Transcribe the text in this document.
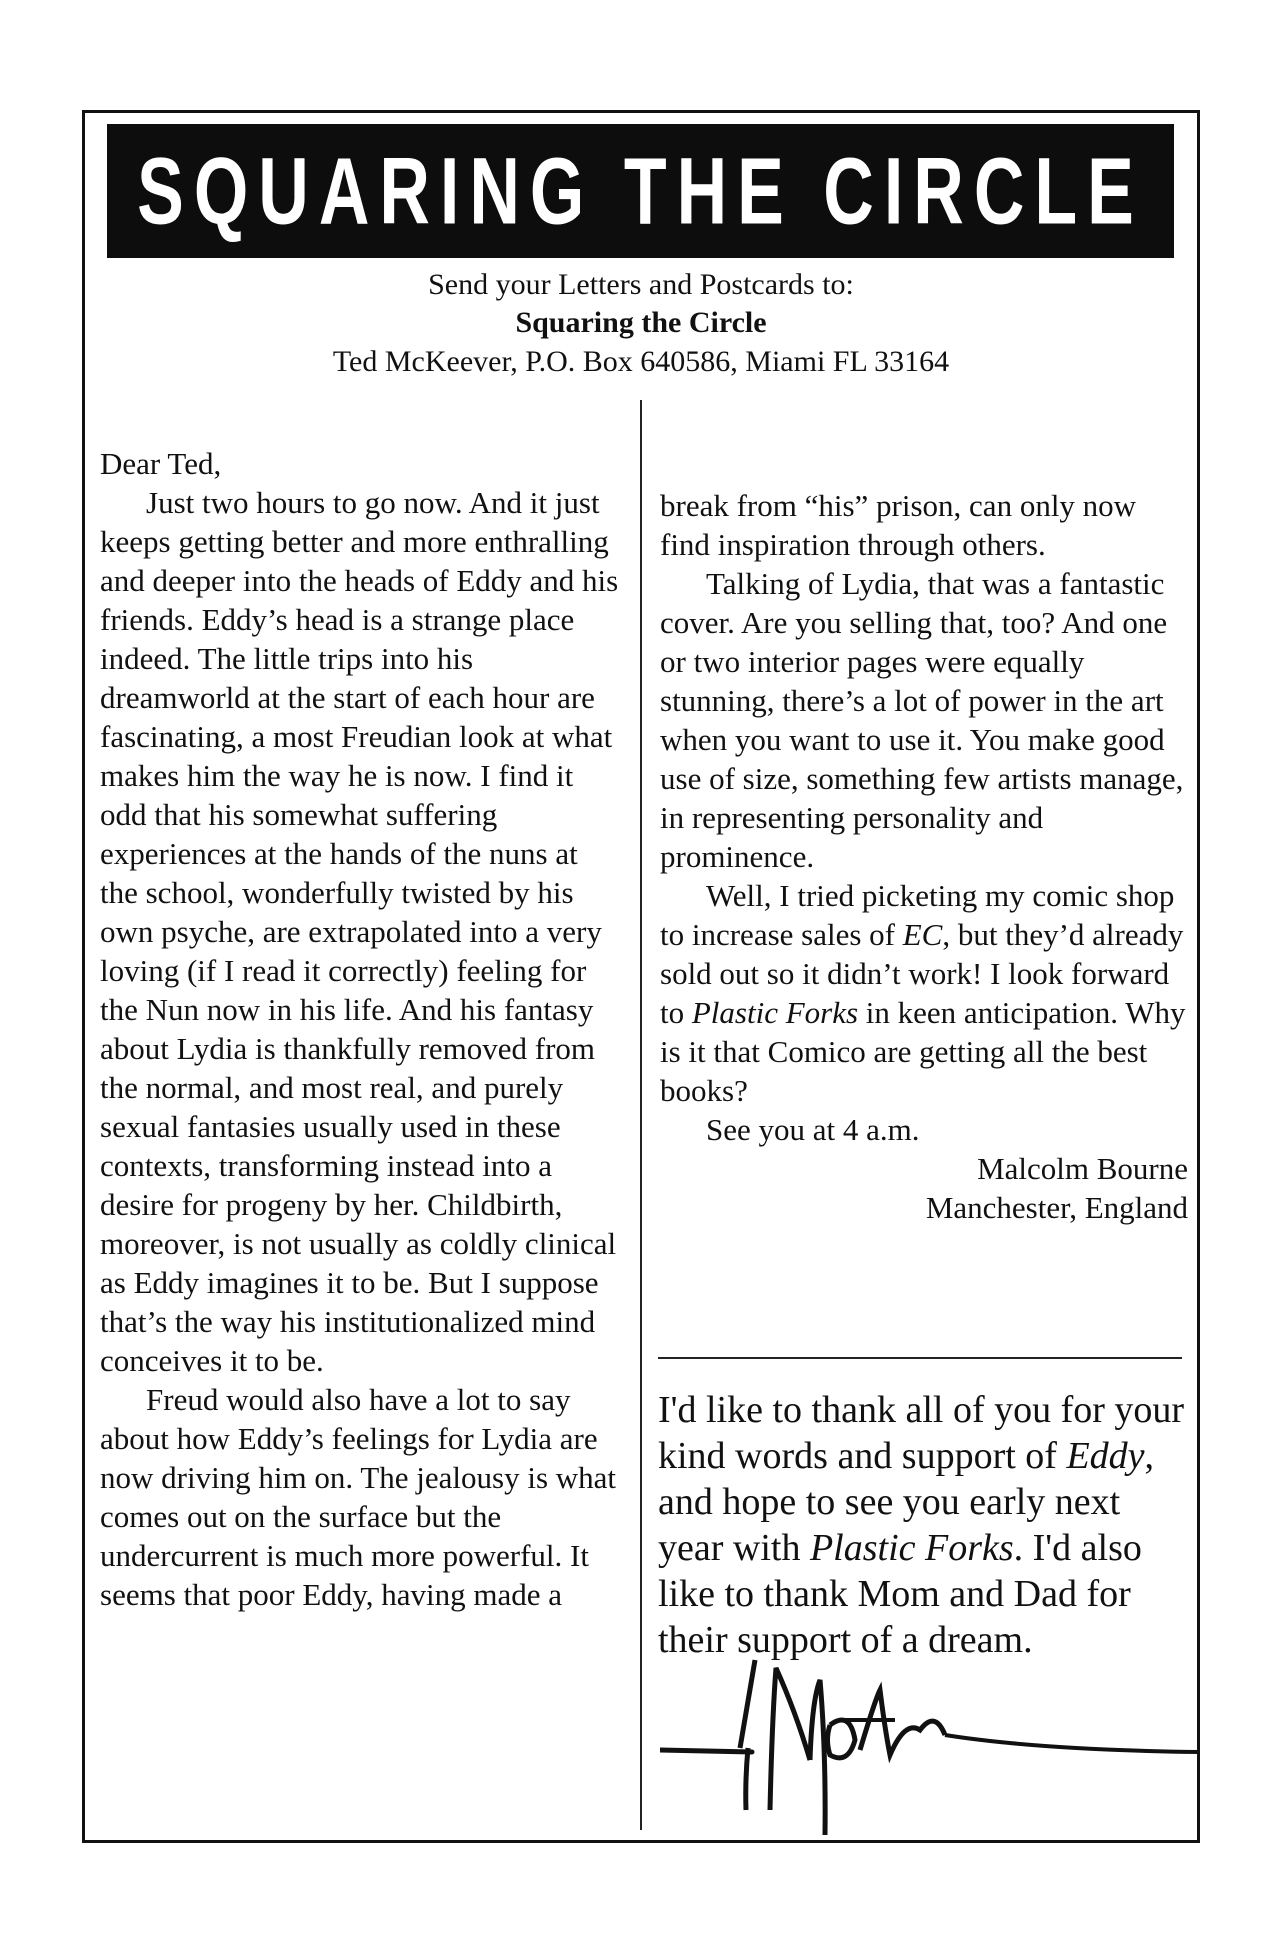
SQUARING THE CIRCLE
Send your Letters and Postcards to:
Squaring the Circle
Ted McKeever, P.O. Box 640586, Miami FL 33164

Dear Ted,

Just two hours to go now. And it just keeps getting better and more enthralling and deeper into the heads of Eddy and his friends. Eddy’s head is a strange place indeed. The little trips into his dreamworld at the start of each hour are fascinating, a most Freudian look at what makes him the way he is now. I find it odd that his somewhat suffering experiences at the hands of the nuns at the school, wonderfully twisted by his own psyche, are extrapolated into a very loving (if I read it correctly) feeling for the Nun now in his life. And his fantasy about Lydia is thankfully removed from the normal, and most real, and purely sexual fantasies usually used in these contexts, transforming instead into a desire for progeny by her. Childbirth, moreover, is not usually as coldly clinical as Eddy imagines it to be. But I suppose that’s the way his institutionalized mind conceives it to be.

Freud would also have a lot to say about how Eddy’s feelings for Lydia are now driving him on. The jealousy is what comes out on the surface but the undercurrent is much more powerful. It seems that poor Eddy, having made a

break from “his” prison, can only now find inspiration through others.

Talking of Lydia, that was a fantastic cover. Are you selling that, too? And one or two interior pages were equally stunning, there’s a lot of power in the art when you want to use it. You make good use of size, something few artists manage, in representing personality and prominence.

Well, I tried picketing my comic shop to increase sales of EC, but they’d already sold out so it didn’t work! I look forward to Plastic Forks in keen anticipation. Why is it that Comico are getting all the best books?

See you at 4 a.m.

Malcolm Bourne

Manchester, England

I'd like to thank all of you for your kind words and support of Eddy, and hope to see you early next year with Plastic Forks. I'd also like to thank Mom and Dad for their support of a dream.
